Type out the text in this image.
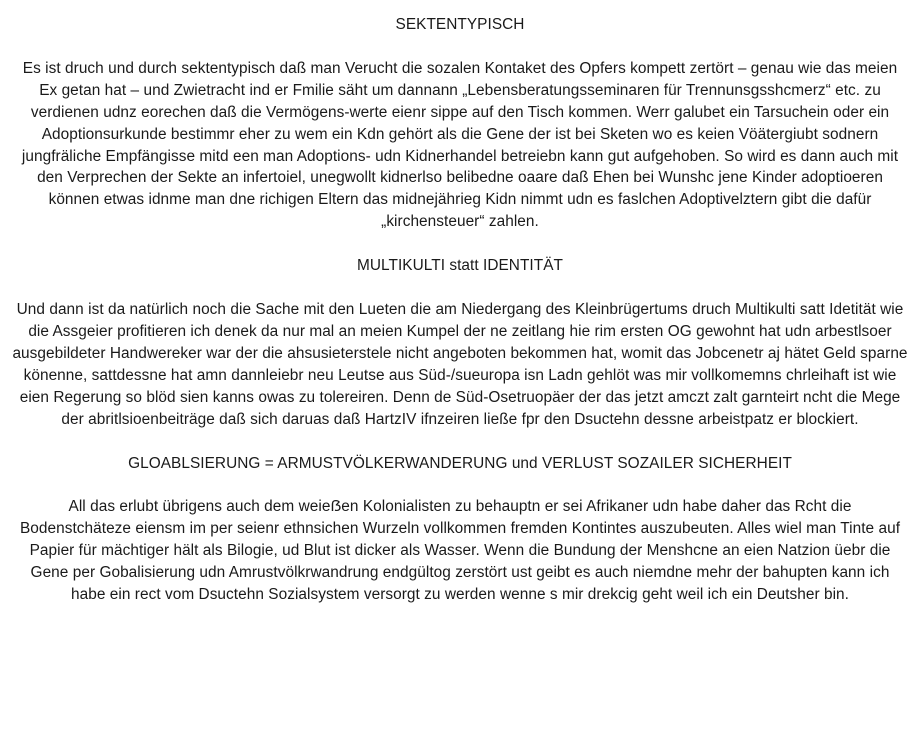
SEKTENTYPISCH

Es ist druch und durch sektentypisch daß man Verucht die sozalen Kontaket des Opfers kompett zertört – genau wie das meien Ex getan hat – und Zwietracht ind er Fmilie säht um dannann „Lebensberatungsseminaren für Trennunsgsshcmerz“ etc. zu verdienen udnz eorechen daß die Vermögens-werte eienr sippe auf den Tisch kommen. Werr galubet ein Tarsuchein oder ein Adoptionsurkunde bestimmr eher zu wem ein Kdn gehört als die Gene der ist bei Sketen wo es keien Vöätergiubt sodnern jungfräliche Empfängisse mitd een man Adoptions- udn Kidnerhandel betreiebn kann gut aufgehoben. So wird es dann auch mit den Verprechen der Sekte an infertoiel, unegwollt kidnerlso belibedne oaare daß Ehen bei Wunshc jene Kinder adoptioeren können etwas idnme man dne richigen Eltern das midnejährieg Kidn nimmt udn es faslchen Adoptivelztern gibt die dafür „kirchensteuer“ zahlen.

MULTIKULTI statt IDENTITÄT

Und dann ist da natürlich noch die Sache mit den Lueten die am Niedergang des Kleinbrügertums druch Multikulti satt Idetität wie die Assgeier profitieren ich denek da nur mal an meien Kumpel der ne zeitlang hie rim ersten OG gewohnt hat udn arbestlsoer ausgebildeter Handwereker war der die ahsusieterstele nicht angeboten bekommen hat, womit das Jobcenetr aj hätet Geld sparne könenne, sattdessne hat amn dannleiebr neu Leutse aus Süd-/sueuropa isn Ladn gehlöt was mir vollkomemns chrleihaft ist wie eien Regerung so blöd sien kanns owas zu tolereiren. Denn de Süd-Osetruopäer der das jetzt amczt zalt garnteirt ncht die Mege der abritlsioenbeiträge daß sich daruas daß HartzIV ifnzeiren ließe fpr den Dsuctehn dessne arbeistpatz er blockiert.

GLOABLSIERUNG = ARMUSTVÖLKERWANDERUNG und VERLUST SOZAILER SICHERHEIT

All das erlubt übrigens auch dem weieẞen Kolonialisten zu behauptn er sei Afrikaner udn habe daher das Rcht die Bodenstchäteze eiensm im per seienr ethnsichen Wurzeln vollkommen fremden Kontintes auszubeuten. Alles wiel man Tinte auf Papier für mächtiger hält als Bilogie, ud Blut ist dicker als Wasser. Wenn die Bundung der Menshcne an eien Natzion üebr die Gene per Gobalisierung udn Amrustvölkrwandrung endgültog zerstört ust geibt es auch niemdne mehr der bahupten kann ich habe ein rect vom Dsuctehn Sozialsystem versorgt zu werden wenne s mir drekcig geht weil ich ein Deutsher bin.
